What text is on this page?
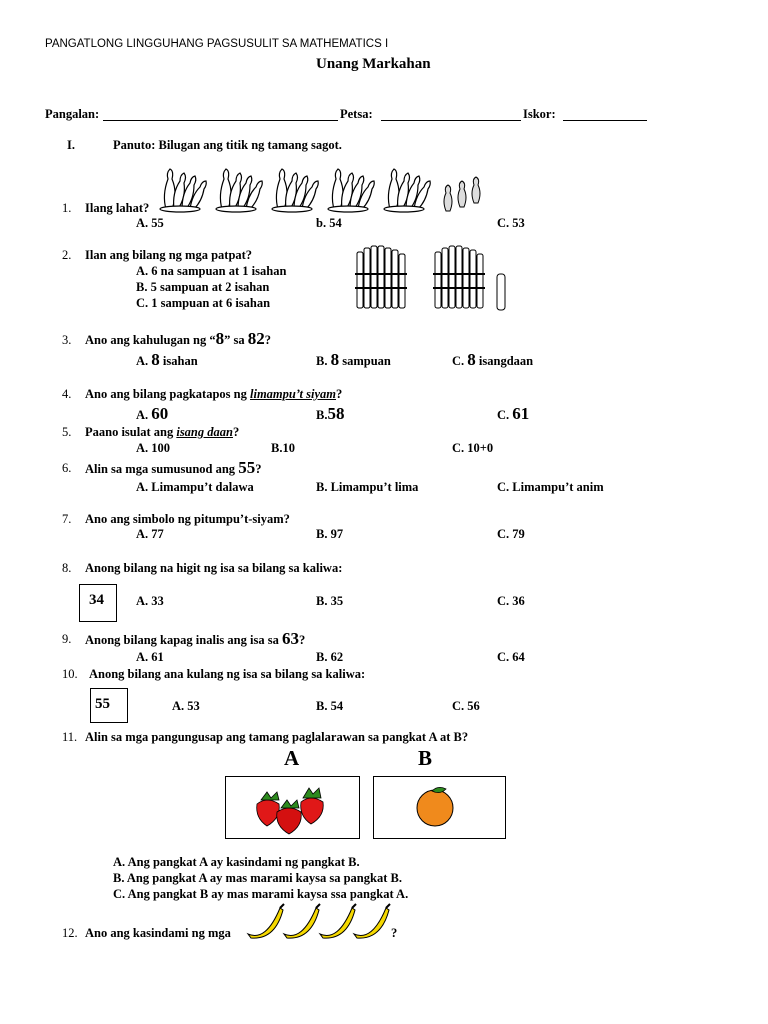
PANGATLONG LINGGUHANG PAGSUSULIT SA MATHEMATICS I
Unang Markahan
Pangalan:	Petsa:	Iskor:
I.	Panuto: Bilugan ang titik ng tamang sagot.
1. Ilang lahat?
A. 55	b. 54	C. 53
2. Ilan ang bilang ng mga patpat?
A. 6 na sampuan at 1 isahan
B. 5 sampuan at 2 isahan
C. 1 sampuan at 6 isahan
3. Ano ang kahulugan ng “8” sa 82?
A. 8 isahan	B. 8 sampuan	C. 8 isangdaan
4. Ano ang bilang pagkatapos ng limampu’t siyam?
A. 60	B.58	C. 61
5. Paano isulat ang isang daan?
A. 100	B.10	C. 10+0
6. Alin sa mga sumusunod ang 55?
A. Limampu’t dalawa	B. Limampu’t lima	C. Limampu’t anim
7. Ano ang simbolo ng pitumpu’t-siyam?
A. 77	B. 97	C. 79
8. Anong bilang na higit ng isa sa bilang sa kaliwa:
34	A. 33	B. 35	C. 36
9. Anong bilang kapag inalis ang isa sa 63?
A. 61	B. 62	C. 64
10. Anong bilang ana kulang ng isa sa bilang sa kaliwa:
55	A. 53	B. 54	C. 56
11. Alin sa mga pangungusap ang tamang paglalarawan sa pangkat A at B?
A	B
A. Ang pangkat A ay kasindami ng pangkat B.
B. Ang pangkat A ay mas marami kaysa sa pangkat B.
C. Ang pangkat B ay mas marami kaysa ssa pangkat A.
12. Ano ang kasindami ng mga	?
